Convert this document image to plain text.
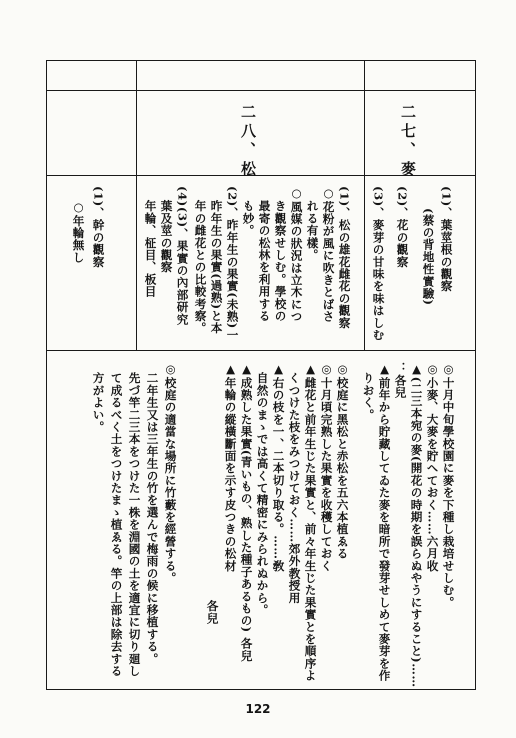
二七、麥
二八、松
(1)、葉莖根の觀察
(蔡の背地性實驗)
(2)、花の觀察
(3)、麥芽の甘味を味はしむ
(1)、松の雄花雌花の觀察
○花粉が風に吹きとばさ
れる有樣。
○風媒の狀況は立木につ
き觀察せしむ。學校の
最寄の松林を利用する
も妙。
(2)、昨年生の果實(未熟)一
昨年生の果實(過熟)と本
年の雌花との比較考察。
(4)(3)、果實の內部研究
葉及莖の觀察
年輪、柾目、板目
(1)、幹の觀察
○年輪無し
◎十月中旬學校園に麥を下種し栽培せしむ。
◎小麥、大麥を貯へておく……六月收
▲(二三本宛の麥(開花の時期を誤らぬやうにすること)……
：各兒
▲前年から貯藏してゐた麥を暗所で發芽せしめて麥芽を作
りおく。
◎校庭に黑松と赤松を五六本植ゑる
◎十月頃完熟した果實を收穫しておく
▲雌花と前年生じた果實と、前々年生じた果實とを順序よ
くつけた枝をみつけておく……郊外教授用
▲右の枝を一、二本切り取る。……敎
自然のまゝでは高くて精密にみられぬから。
▲成熟した果實(青いもの、熟した種子あるもの) 各兒
▲年輪の縱橫斷面を示す皮つきの松材
各兒
◎校庭の適當な場所に竹藪を經營する。
二年生又は三年生の竹を選んで梅雨の候に移植する。
先づ竿二三本をつけた一株を淵國の土を適宜に切り廻し
て成るべく土をつけたまゝ植ゑる。竿の上部は除去する
方がよい。
122
